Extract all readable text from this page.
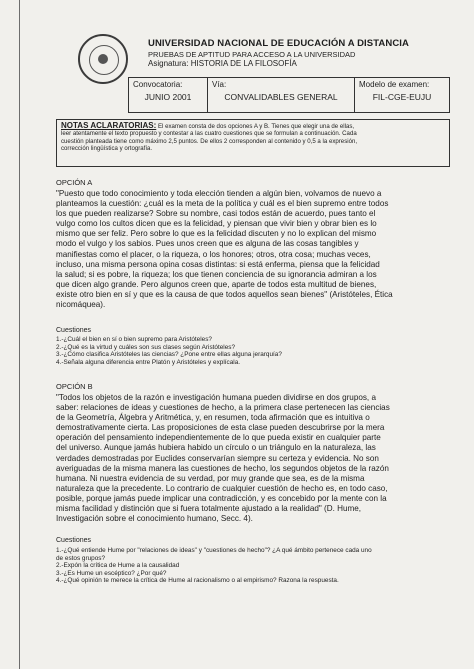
UNIVERSIDAD NACIONAL DE EDUCACIÓN A DISTANCIA
PRUEBAS DE APTITUD PARA ACCESO A LA UNIVERSIDAD
Asignatura: HISTORIA DE LA FILOSOFÍA
Convocatoria:
JUNIO 2001
Vía:
CONVALIDABLES GENERAL
Modelo de examen:
FIL-CGE-EUJU
NOTAS ACLARATORIAS: El examen consta de dos opciones A y B. Tienes que elegir una de ellas,
leer atentamente el texto propuesto y contestar a las cuatro cuestiones que se formulan a continuación. Cada
cuestión planteada tiene como máximo 2,5 puntos. De ellos 2 corresponden al contenido y 0,5 a la expresión,
corrección lingüística y ortografía.
OPCIÓN A
"Puesto que todo conocimiento y toda elección tienden a algún bien, volvamos de nuevo a
planteamos la cuestión: ¿cuál es la meta de la política y cuál es el bien supremo entre todos
los que pueden realizarse? Sobre su nombre, casi todos están de acuerdo, pues tanto el
vulgo como los cultos dicen que es la felicidad, y piensan que vivir bien y obrar bien es lo
mismo que ser feliz. Pero sobre lo que es la felicidad discuten y no lo explican del mismo
modo el vulgo y los sabios. Pues unos creen que es alguna de las cosas tangibles y
manifiestas como el placer, o la riqueza, o los honores; otros, otra cosa; muchas veces,
incluso, una misma persona opina cosas distintas: si está enferma, piensa que la felicidad
la salud; si es pobre, la riqueza; los que tienen conciencia de su ignorancia admiran a los
que dicen algo grande. Pero algunos creen que, aparte de todos esta multitud de bienes,
existe otro bien en sí y que es la causa de que todos aquellos sean bienes" (Aristóteles, Ética
nicomáquea).
Cuestiones
1.-¿Cuál el bien en sí o bien supremo para Aristóteles?
2.-¿Qué es la virtud y cuáles son sus clases según Aristóteles?
3.-¿Cómo clasifica Aristóteles las ciencias? ¿Pone entre ellas alguna jerarquía?
4.-Señala alguna diferencia entre Platón y Aristóteles y explícala.
OPCIÓN B
"Todos los objetos de la razón e investigación humana pueden dividirse en dos grupos, a
saber: relaciones de ideas y cuestiones de hecho, a la primera clase pertenecen las ciencias
de la Geometría, Álgebra y Aritmética, y, en resumen, toda afirmación que es intuitiva o
demostrativamente cierta. Las proposiciones de esta clase pueden descubrirse por la mera
operación del pensamiento independientemente de lo que pueda existir en cualquier parte
del universo. Aunque jamás hubiera habido un círculo o un triángulo en la naturaleza, las
verdades demostradas por Euclides conservarían siempre su certeza y evidencia. No son
averiguadas de la misma manera las cuestiones de hecho, los segundos objetos de la razón
humana. Ni nuestra evidencia de su verdad, por muy grande que sea, es de la misma
naturaleza que la precedente. Lo contrario de cualquier cuestión de hecho es, en todo caso,
posible, porque jamás puede implicar una contradicción, y es concebido por la mente con la
misma facilidad y distinción que si fuera totalmente ajustado a la realidad" (D. Hume,
Investigación sobre el conocimiento humano, Secc. 4).
Cuestiones
1.-¿Qué entiende Hume por "relaciones de ideas" y "cuestiones de hecho"? ¿A qué ámbito pertenece cada uno
de estos grupos?
2.-Expón la crítica de Hume a la causalidad
3.-¿Es Hume un escéptico? ¿Por qué?
4.-¿Qué opinión te merece la crítica de Hume al racionalismo o al empirismo? Razona la respuesta.
